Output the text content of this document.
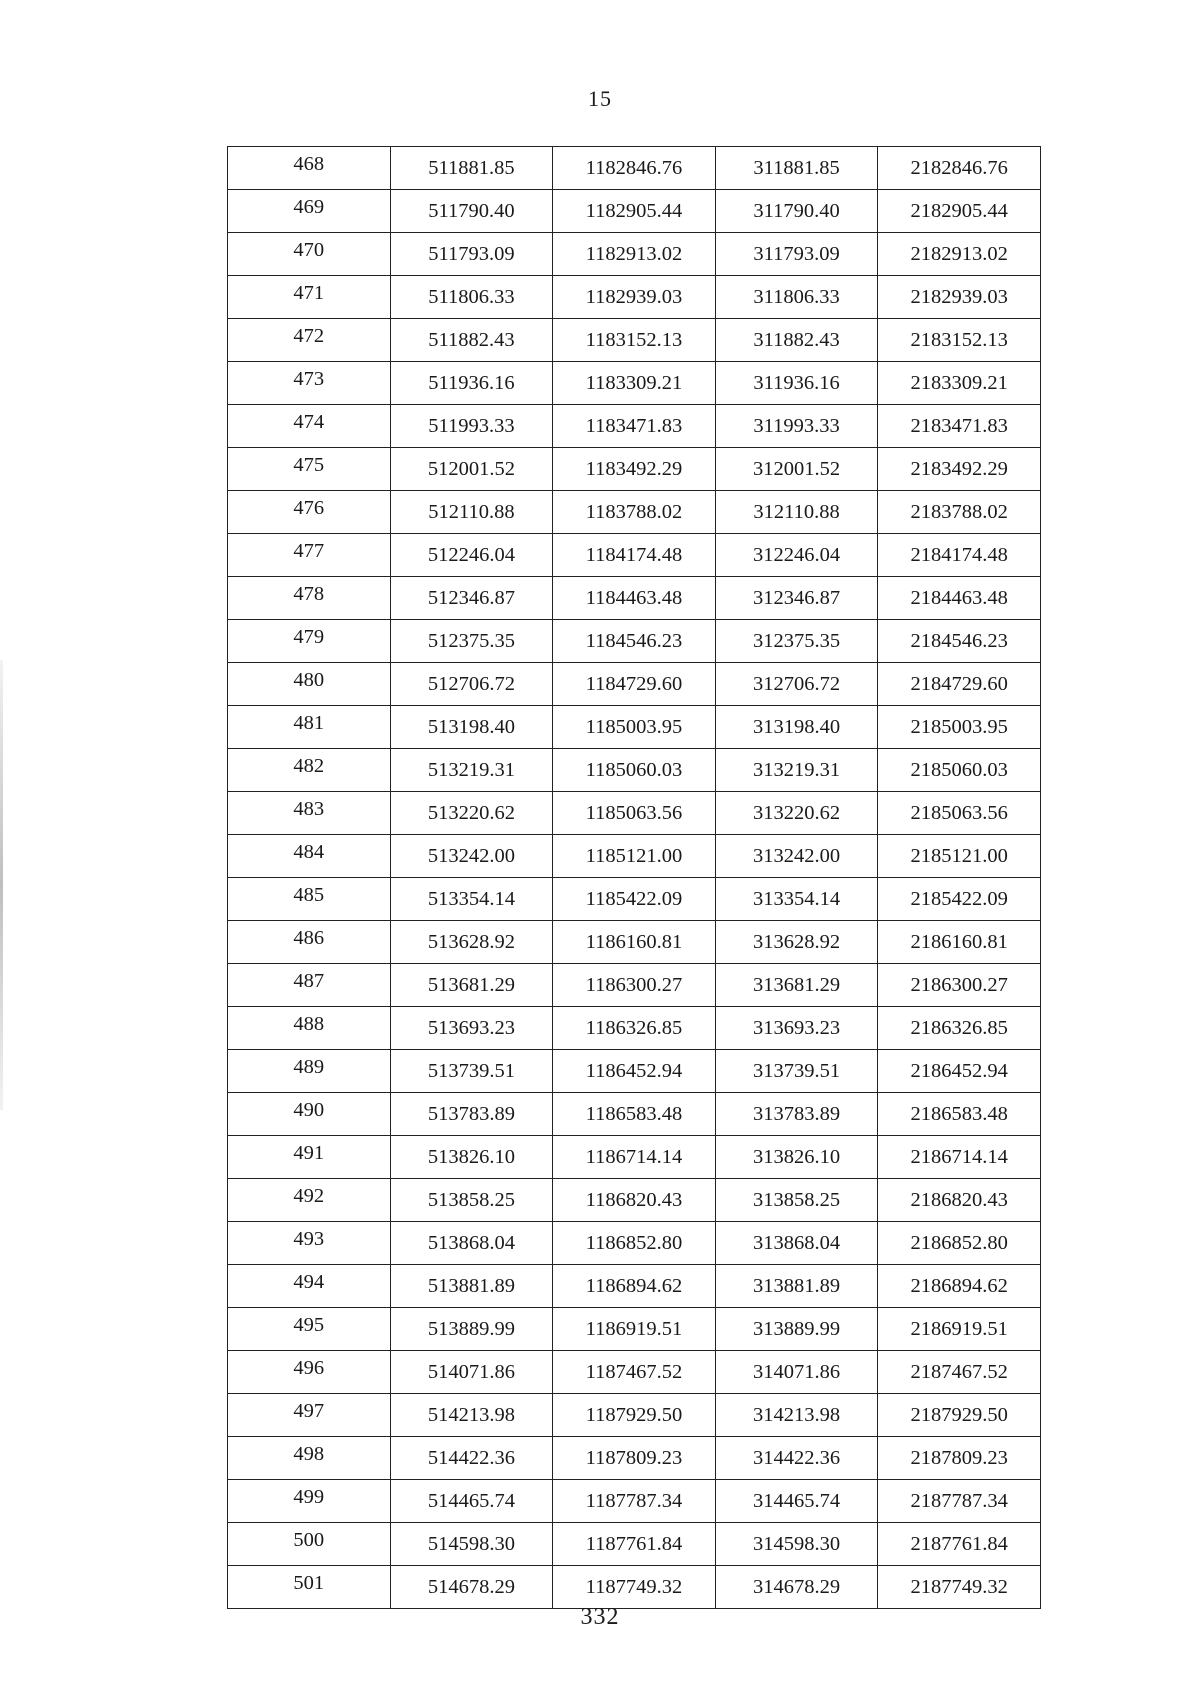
15
468	511881.85	1182846.76	311881.85	2182846.76
469	511790.40	1182905.44	311790.40	2182905.44
470	511793.09	1182913.02	311793.09	2182913.02
471	511806.33	1182939.03	311806.33	2182939.03
472	511882.43	1183152.13	311882.43	2183152.13
473	511936.16	1183309.21	311936.16	2183309.21
474	511993.33	1183471.83	311993.33	2183471.83
475	512001.52	1183492.29	312001.52	2183492.29
476	512110.88	1183788.02	312110.88	2183788.02
477	512246.04	1184174.48	312246.04	2184174.48
478	512346.87	1184463.48	312346.87	2184463.48
479	512375.35	1184546.23	312375.35	2184546.23
480	512706.72	1184729.60	312706.72	2184729.60
481	513198.40	1185003.95	313198.40	2185003.95
482	513219.31	1185060.03	313219.31	2185060.03
483	513220.62	1185063.56	313220.62	2185063.56
484	513242.00	1185121.00	313242.00	2185121.00
485	513354.14	1185422.09	313354.14	2185422.09
486	513628.92	1186160.81	313628.92	2186160.81
487	513681.29	1186300.27	313681.29	2186300.27
488	513693.23	1186326.85	313693.23	2186326.85
489	513739.51	1186452.94	313739.51	2186452.94
490	513783.89	1186583.48	313783.89	2186583.48
491	513826.10	1186714.14	313826.10	2186714.14
492	513858.25	1186820.43	313858.25	2186820.43
493	513868.04	1186852.80	313868.04	2186852.80
494	513881.89	1186894.62	313881.89	2186894.62
495	513889.99	1186919.51	313889.99	2186919.51
496	514071.86	1187467.52	314071.86	2187467.52
497	514213.98	1187929.50	314213.98	2187929.50
498	514422.36	1187809.23	314422.36	2187809.23
499	514465.74	1187787.34	314465.74	2187787.34
500	514598.30	1187761.84	314598.30	2187761.84
501	514678.29	1187749.32	314678.29	2187749.32
332
